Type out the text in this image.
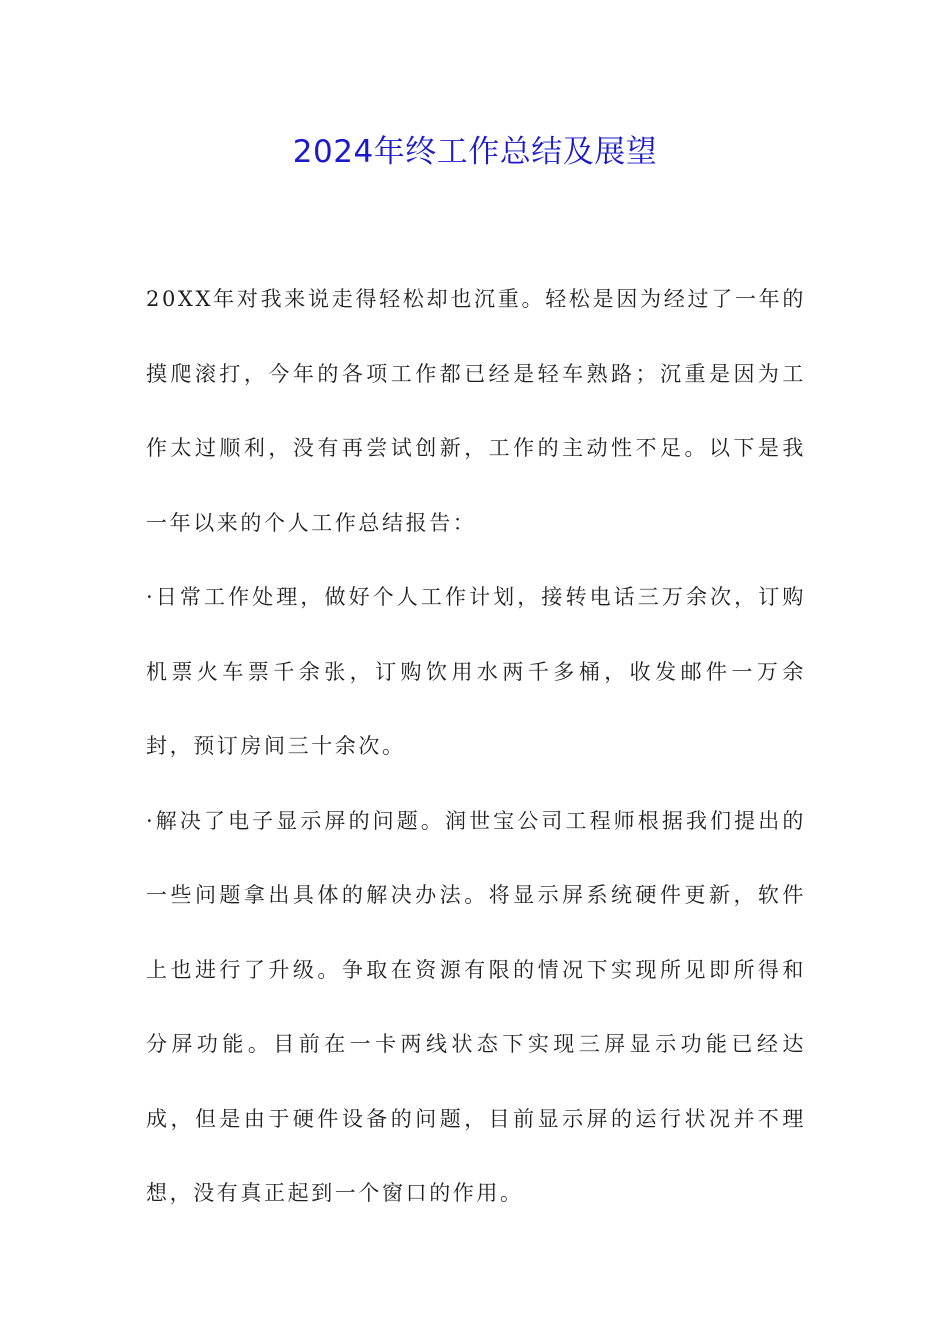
2024年终工作总结及展望

20XX年对我来说走得轻松却也沉重。轻松是因为经过了一年的摸爬滚打，今年的各项工作都已经是轻车熟路；沉重是因为工作太过顺利，没有再尝试创新，工作的主动性不足。以下是我一年以来的个人工作总结报告：

·日常工作处理，做好个人工作计划，接转电话三万余次，订购机票火车票千余张，订购饮用水两千多桶，收发邮件一万余封，预订房间三十余次。

·解决了电子显示屏的问题。润世宝公司工程师根据我们提出的一些问题拿出具体的解决办法。将显示屏系统硬件更新，软件上也进行了升级。争取在资源有限的情况下实现所见即所得和分屏功能。目前在一卡两线状态下实现三屏显示功能已经达成，但是由于硬件设备的问题，目前显示屏的运行状况并不理想，没有真正起到一个窗口的作用。
